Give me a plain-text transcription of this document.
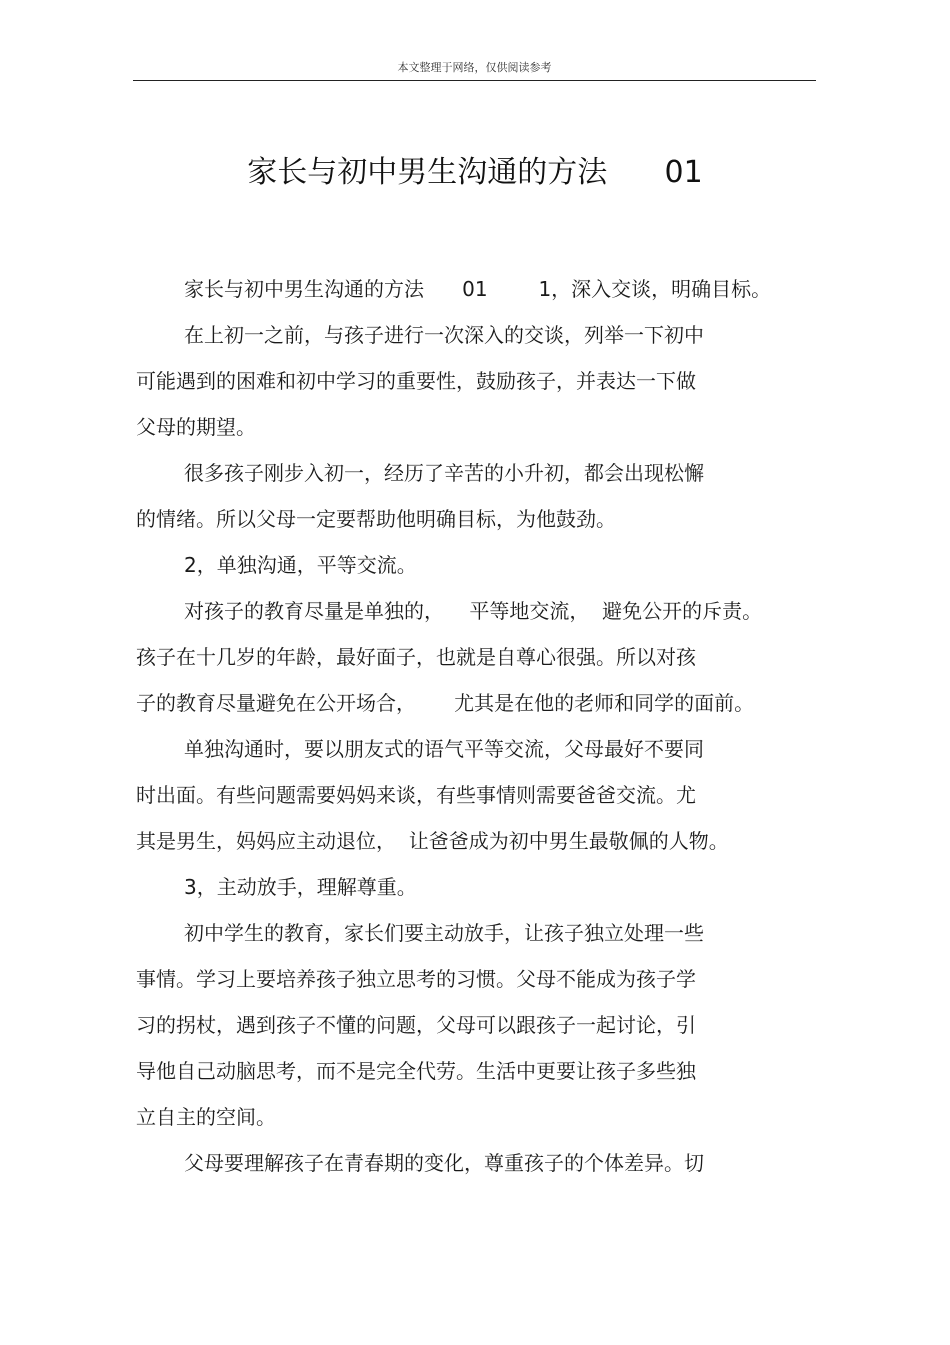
本文整理于网络，仅供阅读参考
家长与初中男生沟通的方法      01
家长与初中男生沟通的方法      01        1，深入交谈，明确目标。
在上初一之前，与孩子进行一次深入的交谈，列举一下初中
可能遇到的困难和初中学习的重要性，鼓励孩子，并表达一下做
父母的期望。
很多孩子刚步入初一，经历了辛苦的小升初，都会出现松懈
的情绪。所以父母一定要帮助他明确目标，为他鼓劲。
2，单独沟通，平等交流。
对孩子的教育尽量是单独的，    平等地交流，  避免公开的斥责。
孩子在十几岁的年龄，最好面子，也就是自尊心很强。所以对孩
子的教育尽量避免在公开场合，      尤其是在他的老师和同学的面前。
单独沟通时，要以朋友式的语气平等交流，父母最好不要同
时出面。有些问题需要妈妈来谈，有些事情则需要爸爸交流。尤
其是男生，妈妈应主动退位，  让爸爸成为初中男生最敬佩的人物。
3，主动放手，理解尊重。
初中学生的教育，家长们要主动放手，让孩子独立处理一些
事情。学习上要培养孩子独立思考的习惯。父母不能成为孩子学
习的拐杖，遇到孩子不懂的问题，父母可以跟孩子一起讨论，引
导他自己动脑思考，而不是完全代劳。生活中更要让孩子多些独
立自主的空间。
父母要理解孩子在青春期的变化，尊重孩子的个体差异。切
